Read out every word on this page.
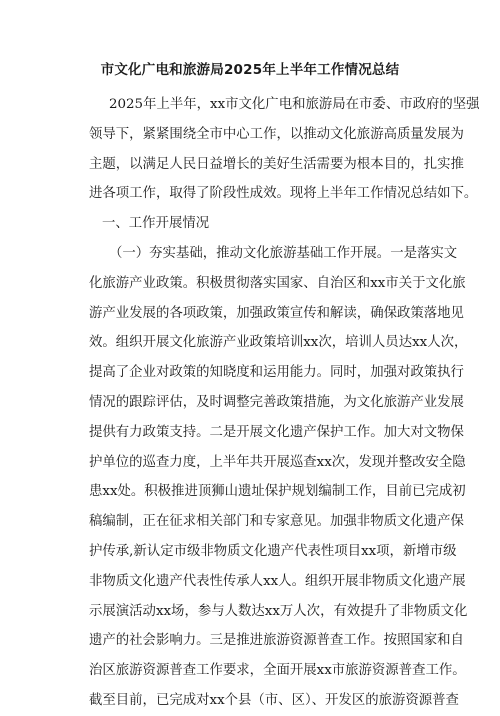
市文化广电和旅游局2025年上半年工作情况总结
2025年上半年，xx市文化广电和旅游局在市委、市政府的坚强
领导下，紧紧围绕全市中心工作，以推动文化旅游高质量发展为
主题，以满足人民日益增长的美好生活需要为根本目的，扎实推
进各项工作，取得了阶段性成效。现将上半年工作情况总结如下。
一、工作开展情况
（一）夯实基础，推动文化旅游基础工作开展。一是落实文
化旅游产业政策。积极贯彻落实国家、自治区和xx市关于文化旅
游产业发展的各项政策，加强政策宣传和解读，确保政策落地见
效。组织开展文化旅游产业政策培训xx次，培训人员达xx人次，
提高了企业对政策的知晓度和运用能力。同时，加强对政策执行
情况的跟踪评估，及时调整完善政策措施，为文化旅游产业发展
提供有力政策支持。二是开展文化遗产保护工作。加大对文物保
护单位的巡查力度，上半年共开展巡查xx次，发现并整改安全隐
患xx处。积极推进顶狮山遗址保护规划编制工作，目前已完成初
稿编制，正在征求相关部门和专家意见。加强非物质文化遗产保
护传承,新认定市级非物质文化遗产代表性项目xx项，新增市级
非物质文化遗产代表性传承人xx人。组织开展非物质文化遗产展
示展演活动xx场，参与人数达xx万人次，有效提升了非物质文化
遗产的社会影响力。三是推进旅游资源普查工作。按照国家和自
治区旅游资源普查工作要求，全面开展xx市旅游资源普查工作。
截至目前，已完成对xx个县（市、区）、开发区的旅游资源普查
